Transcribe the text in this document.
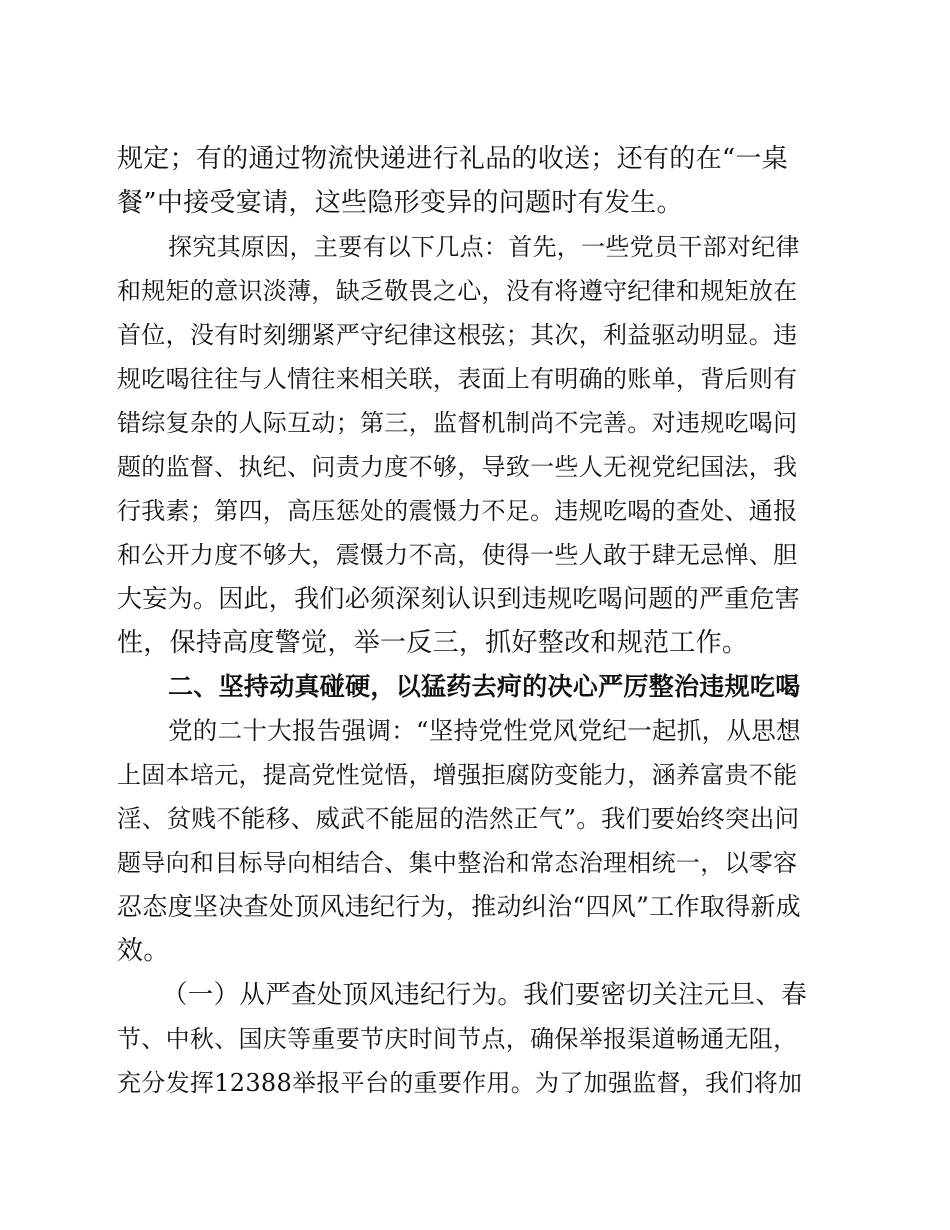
规定；有的通过物流快递进行礼品的收送；还有的在“一桌
餐”中接受宴请，这些隐形变异的问题时有发生。
探究其原因，主要有以下几点：首先，一些党员干部对纪律
和规矩的意识淡薄，缺乏敬畏之心，没有将遵守纪律和规矩放在
首位，没有时刻绷紧严守纪律这根弦；其次，利益驱动明显。违
规吃喝往往与人情往来相关联，表面上有明确的账单，背后则有
错综复杂的人际互动；第三，监督机制尚不完善。对违规吃喝问
题的监督、执纪、问责力度不够，导致一些人无视党纪国法，我
行我素；第四，高压惩处的震慑力不足。违规吃喝的查处、通报
和公开力度不够大，震慑力不高，使得一些人敢于肆无忌惮、胆
大妄为。因此，我们必须深刻认识到违规吃喝问题的严重危害
性，保持高度警觉，举一反三，抓好整改和规范工作。
二、坚持动真碰硬，以猛药去疴的决心严厉整治违规吃喝
党的二十大报告强调：“坚持党性党风党纪一起抓，从思想
上固本培元，提高党性觉悟，增强拒腐防变能力，涵养富贵不能
淫、贫贱不能移、威武不能屈的浩然正气”。我们要始终突出问
题导向和目标导向相结合、集中整治和常态治理相统一，以零容
忍态度坚决查处顶风违纪行为，推动纠治“四风”工作取得新成
效。
（一）从严查处顶风违纪行为。我们要密切关注元旦、春
节、中秋、国庆等重要节庆时间节点，确保举报渠道畅通无阻，
充分发挥12388举报平台的重要作用。为了加强监督，我们将加
